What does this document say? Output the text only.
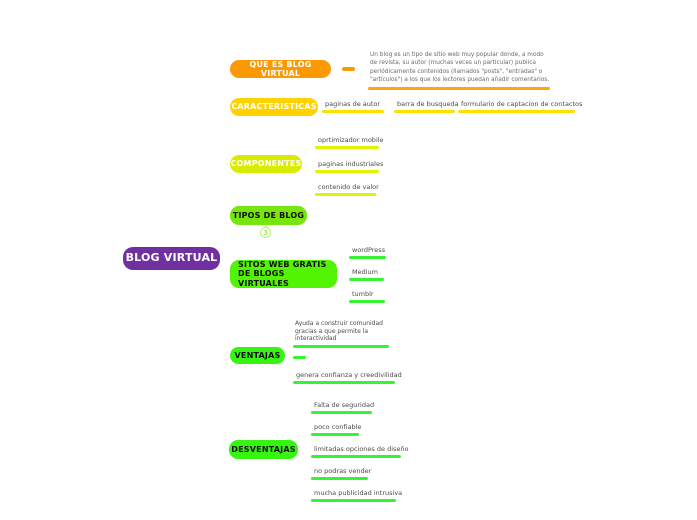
BLOG VIRTUAL
QUE ES BLOG VIRTUAL
Un blog es un tipo de sitio web muy popular donde, a modo de revista, su autor (muchas veces un particular) publica periódicamente contenidos (llamados "posts", "entradas" o "artículos") a los que los lectores puedan añadir comentarios.
CARACTERISTICAS	paginas de autor	barra de busqueda formulario de captacion de contactos
COMPONENTES
oprtimizador mobile
paginas industriales
contenido de valor
TIPOS DE BLOG
3
SITOS WEB GRATIS DE BLOGS VIRTUALES
wordPress
Medium
tumblr
VENTAJAS
Ayuda a construir comunidad gracias a que permite la interactividad
genera confianza y creedivilidad
DESVENTAJAS
Falta de seguridad
poco confiable
limitadas opciones de diseño
no podras vender
mucha publicidad intrusiva
